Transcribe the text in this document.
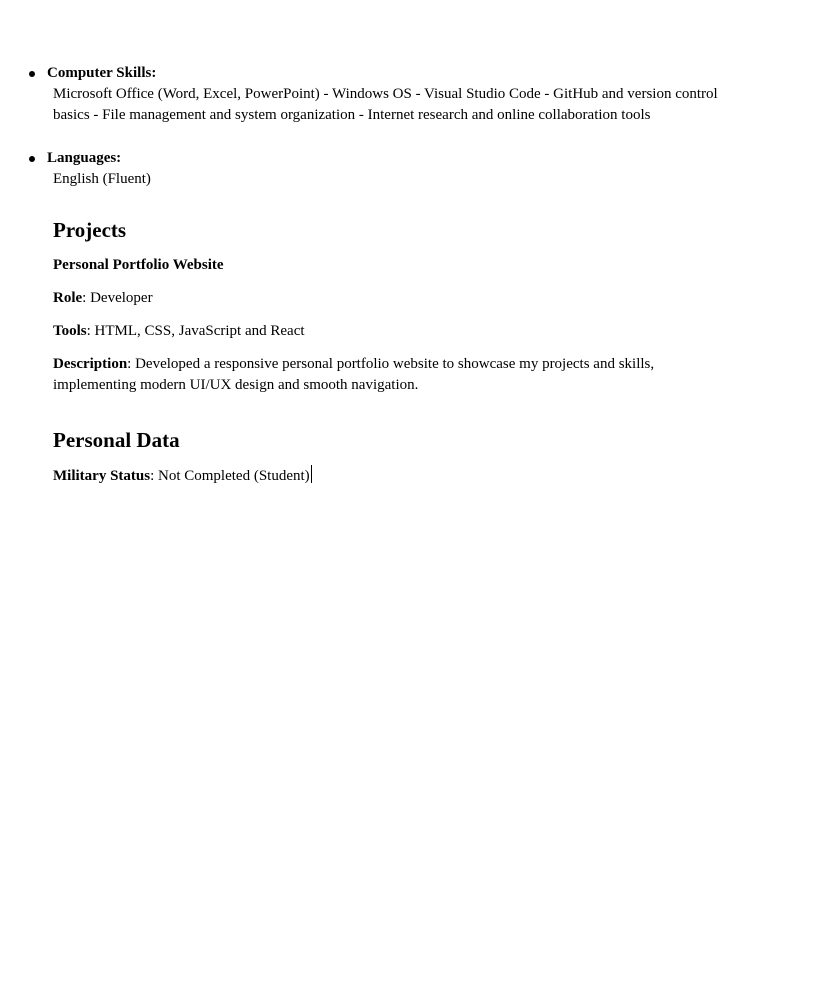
Computer Skills:
Microsoft Office (Word, Excel, PowerPoint) - Windows OS - Visual Studio Code - GitHub and version control basics - File management and system organization - Internet research and online collaboration tools
Languages:
English (Fluent)
Projects

Personal Portfolio Website

Role: Developer

Tools: HTML, CSS, JavaScript and React

Description: Developed a responsive personal portfolio website to showcase my projects and skills, implementing modern UI/UX design and smooth navigation.

Personal Data

Military Status: Not Completed (Student)
